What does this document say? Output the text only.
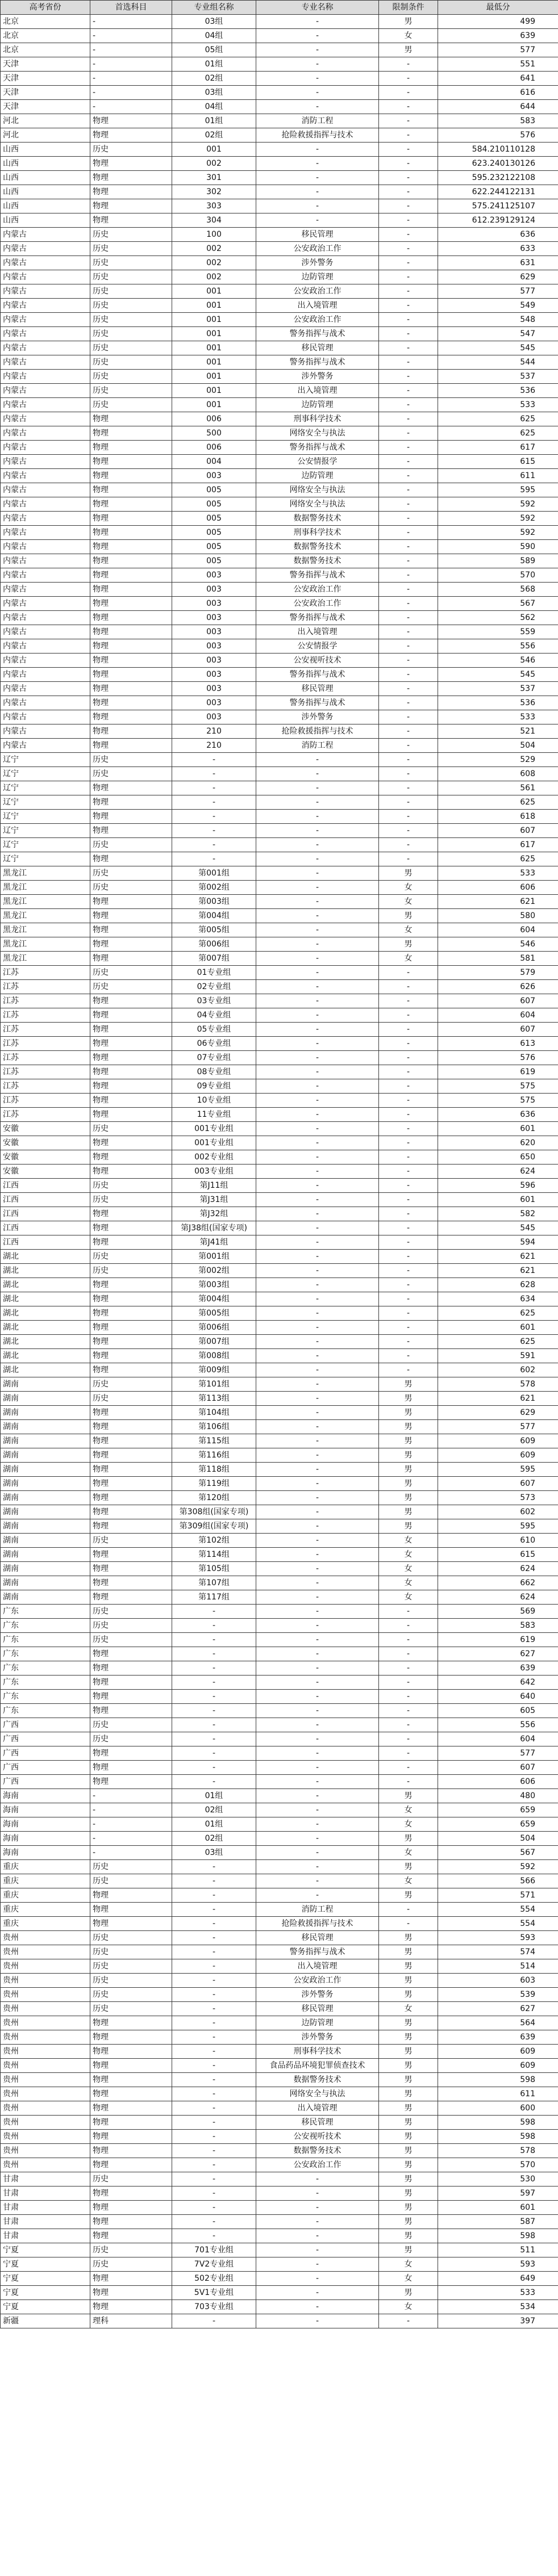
高考省份	首选科目	专业组名称	专业名称	限制条件	最低分
北京	-	03组	-	男	499
北京	-	04组	-	女	639
北京	-	05组	-	男	577
天津	-	01组	-	-	551
天津	-	02组	-	-	641
天津	-	03组	-	-	616
天津	-	04组	-	-	644
河北	物理	01组	消防工程	-	583
河北	物理	02组	抢险救援指挥与技术	-	576
山西	历史	001	-	-	584.210110128
山西	物理	002	-	-	623.240130126
山西	物理	301	-	-	595.232122108
山西	物理	302	-	-	622.244122131
山西	物理	303	-	-	575.241125107
山西	物理	304	-	-	612.239129124
内蒙古	历史	100	移民管理	-	636
内蒙古	历史	002	公安政治工作	-	633
内蒙古	历史	002	涉外警务	-	631
内蒙古	历史	002	边防管理	-	629
内蒙古	历史	001	公安政治工作	-	577
内蒙古	历史	001	出入境管理	-	549
内蒙古	历史	001	公安政治工作	-	548
内蒙古	历史	001	警务指挥与战术	-	547
内蒙古	历史	001	移民管理	-	545
内蒙古	历史	001	警务指挥与战术	-	544
内蒙古	历史	001	涉外警务	-	537
内蒙古	历史	001	出入境管理	-	536
内蒙古	历史	001	边防管理	-	533
内蒙古	物理	006	刑事科学技术	-	625
内蒙古	物理	500	网络安全与执法	-	625
内蒙古	物理	006	警务指挥与战术	-	617
内蒙古	物理	004	公安情报学	-	615
内蒙古	物理	003	边防管理	-	611
内蒙古	物理	005	网络安全与执法	-	595
内蒙古	物理	005	网络安全与执法	-	592
内蒙古	物理	005	数据警务技术	-	592
内蒙古	物理	005	刑事科学技术	-	592
内蒙古	物理	005	数据警务技术	-	590
内蒙古	物理	005	数据警务技术	-	589
内蒙古	物理	003	警务指挥与战术	-	570
内蒙古	物理	003	公安政治工作	-	568
内蒙古	物理	003	公安政治工作	-	567
内蒙古	物理	003	警务指挥与战术	-	562
内蒙古	物理	003	出入境管理	-	559
内蒙古	物理	003	公安情报学	-	556
内蒙古	物理	003	公安视听技术	-	546
内蒙古	物理	003	警务指挥与战术	-	545
内蒙古	物理	003	移民管理	-	537
内蒙古	物理	003	警务指挥与战术	-	536
内蒙古	物理	003	涉外警务	-	533
内蒙古	物理	210	抢险救援指挥与技术	-	521
内蒙古	物理	210	消防工程	-	504
辽宁	历史	-	-	-	529
辽宁	历史	-	-	-	608
辽宁	物理	-	-	-	561
辽宁	物理	-	-	-	625
辽宁	物理	-	-	-	618
辽宁	物理	-	-	-	607
辽宁	历史	-	-	-	617
辽宁	物理	-	-	-	625
黑龙江	历史	第001组	-	男	533
黑龙江	历史	第002组	-	女	606
黑龙江	物理	第003组	-	女	621
黑龙江	物理	第004组	-	男	580
黑龙江	物理	第005组	-	女	604
黑龙江	物理	第006组	-	男	546
黑龙江	物理	第007组	-	女	581
江苏	历史	01专业组	-	-	579
江苏	历史	02专业组	-	-	626
江苏	物理	03专业组	-	-	607
江苏	物理	04专业组	-	-	604
江苏	物理	05专业组	-	-	607
江苏	物理	06专业组	-	-	613
江苏	物理	07专业组	-	-	576
江苏	物理	08专业组	-	-	619
江苏	物理	09专业组	-	-	575
江苏	物理	10专业组	-	-	575
江苏	物理	11专业组	-	-	636
安徽	历史	001专业组	-	-	601
安徽	物理	001专业组	-	-	620
安徽	物理	002专业组	-	-	650
安徽	物理	003专业组	-	-	624
江西	历史	第J11组	-	-	596
江西	历史	第J31组	-	-	601
江西	物理	第J32组	-	-	582
江西	物理	第J38组(国家专项)	-	-	545
江西	物理	第J41组	-	-	594
湖北	历史	第001组	-	-	621
湖北	历史	第002组	-	-	621
湖北	物理	第003组	-	-	628
湖北	物理	第004组	-	-	634
湖北	物理	第005组	-	-	625
湖北	物理	第006组	-	-	601
湖北	物理	第007组	-	-	625
湖北	物理	第008组	-	-	591
湖北	物理	第009组	-	-	602
湖南	历史	第101组	-	男	578
湖南	历史	第113组	-	男	621
湖南	物理	第104组	-	男	629
湖南	物理	第106组	-	男	577
湖南	物理	第115组	-	男	609
湖南	物理	第116组	-	男	609
湖南	物理	第118组	-	男	595
湖南	物理	第119组	-	男	607
湖南	物理	第120组	-	男	573
湖南	物理	第308组(国家专项)	-	男	602
湖南	物理	第309组(国家专项)	-	男	595
湖南	历史	第102组	-	女	610
湖南	物理	第114组	-	女	615
湖南	物理	第105组	-	女	624
湖南	物理	第107组	-	女	662
湖南	物理	第117组	-	女	624
广东	历史	-	-	-	569
广东	历史	-	-	-	583
广东	历史	-	-	-	619
广东	物理	-	-	-	627
广东	物理	-	-	-	639
广东	物理	-	-	-	642
广东	物理	-	-	-	640
广东	物理	-	-	-	605
广西	历史	-	-	-	556
广西	历史	-	-	-	604
广西	物理	-	-	-	577
广西	物理	-	-	-	607
广西	物理	-	-	-	606
海南	-	01组	-	男	480
海南	-	02组	-	女	659
海南	-	01组	-	女	659
海南	-	02组	-	男	504
海南	-	03组	-	女	567
重庆	历史	-	-	男	592
重庆	历史	-	-	女	566
重庆	物理	-	-	男	571
重庆	物理	-	消防工程	-	554
重庆	物理	-	抢险救援指挥与技术	-	554
贵州	历史	-	移民管理	男	593
贵州	历史	-	警务指挥与战术	男	574
贵州	历史	-	出入境管理	男	514
贵州	历史	-	公安政治工作	男	603
贵州	历史	-	涉外警务	男	539
贵州	历史	-	移民管理	女	627
贵州	物理	-	边防管理	男	564
贵州	物理	-	涉外警务	男	639
贵州	物理	-	刑事科学技术	男	609
贵州	物理	-	食品药品环境犯罪侦查技术	男	609
贵州	物理	-	数据警务技术	男	598
贵州	物理	-	网络安全与执法	男	611
贵州	物理	-	出入境管理	男	600
贵州	物理	-	移民管理	男	598
贵州	物理	-	公安视听技术	男	598
贵州	物理	-	数据警务技术	男	578
贵州	物理	-	公安政治工作	男	570
甘肃	历史	-	-	男	530
甘肃	物理	-	-	男	597
甘肃	物理	-	-	男	601
甘肃	物理	-	-	男	587
甘肃	物理	-	-	男	598
宁夏	历史	701专业组	-	男	511
宁夏	历史	7V2专业组	-	女	593
宁夏	物理	502专业组	-	女	649
宁夏	物理	5V1专业组	-	男	533
宁夏	物理	703专业组	-	女	534
新疆	理科	-	-	-	397
